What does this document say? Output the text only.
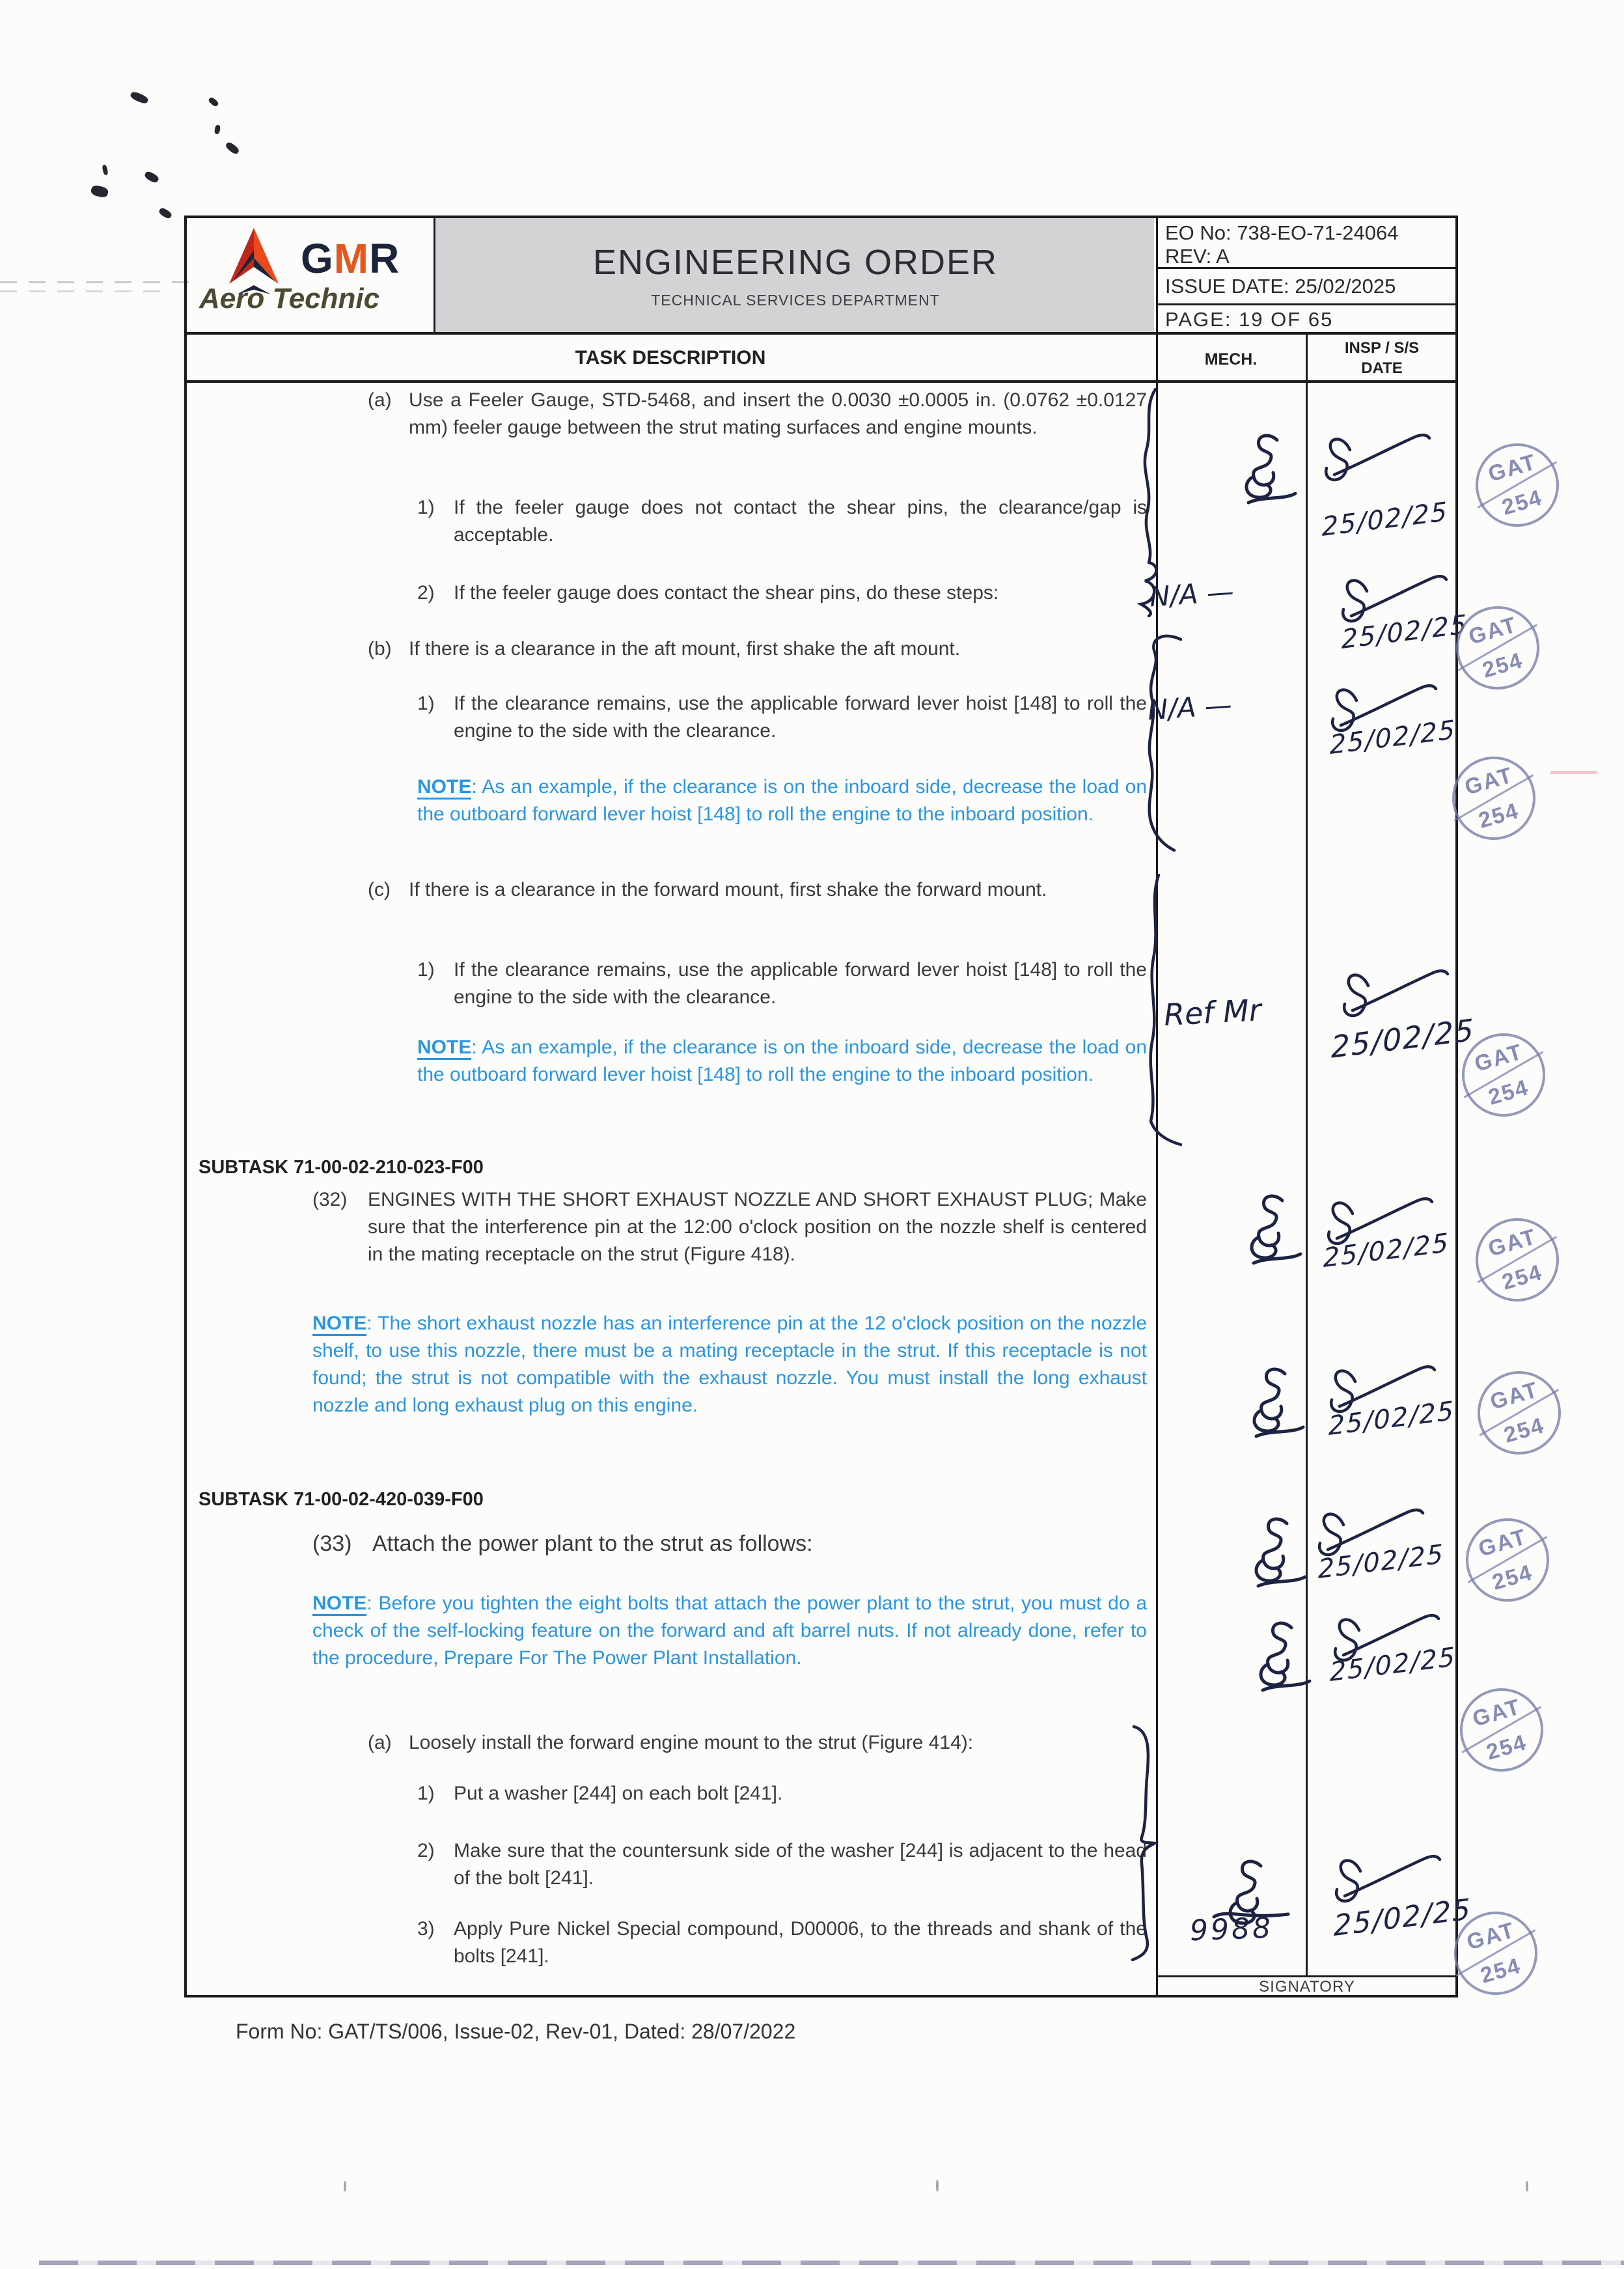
GMR
Aero Technic
ENGINEERING ORDER
TECHNICAL SERVICES DEPARTMENT
EO No: 738-EO-71-24064
REV: A
ISSUE DATE: 25/02/2025
PAGE: 19 OF 65
TASK DESCRIPTION	MECH.
INSP / S/S
DATE
(a) Use a Feeler Gauge, STD-5468, and insert the 0.0030 ±0.0005 in. (0.0762 ±0.0127 mm) feeler gauge between the strut mating surfaces and engine mounts.
1) If the feeler gauge does not contact the shear pins, the clearance/gap is acceptable.
2) If the feeler gauge does contact the shear pins, do these steps:
(b) If there is a clearance in the aft mount, first shake the aft mount.
1) If the clearance remains, use the applicable forward lever hoist [148] to roll the engine to the side with the clearance.
NOTE: As an example, if the clearance is on the inboard side, decrease the load on the outboard forward lever hoist [148] to roll the engine to the inboard position.
(c) If there is a clearance in the forward mount, first shake the forward mount.
1) If the clearance remains, use the applicable forward lever hoist [148] to roll the engine to the side with the clearance.
NOTE: As an example, if the clearance is on the inboard side, decrease the load on the outboard forward lever hoist [148] to roll the engine to the inboard position.
SUBTASK 71-00-02-210-023-F00
(32)	ENGINES WITH THE SHORT EXHAUST NOZZLE AND SHORT EXHAUST PLUG; Make sure that the interference pin at the 12:00 o'clock position on the nozzle shelf is centered in the mating receptacle on the strut (Figure 418).
NOTE: The short exhaust nozzle has an interference pin at the 12 o'clock position on the nozzle shelf, to use this nozzle, there must be a mating receptacle in the strut. If this receptacle is not found; the strut is not compatible with the exhaust nozzle. You must install the long exhaust nozzle and long exhaust plug on this engine.
SUBTASK 71-00-02-420-039-F00
(33) Attach the power plant to the strut as follows:
NOTE: Before you tighten the eight bolts that attach the power plant to the strut, you must do a check of the self-locking feature on the forward and aft barrel nuts. If not already done, refer to the procedure, Prepare For The Power Plant Installation.
(a) Loosely install the forward engine mount to the strut (Figure 414):
1) Put a washer [244] on each bolt [241].
2) Make sure that the countersunk side of the washer [244] is adjacent to the head of the bolt [241].
3) Apply Pure Nickel Special compound, D00006, to the threads and shank of the bolts [241].
SIGNATORY
N/A —
N/A —
Ref Mr
9988
25/02/25
25/02/25
25/02/25
25/02/25
25/02/25
25/02/25
25/02/25
25/02/25
25/02/25
GAT
254
GAT
254
GAT
254
GAT
254
GAT
254
GAT
254
GAT
254
GAT
254
GAT
254
Form No: GAT/TS/006, Issue-02, Rev-01, Dated: 28/07/2022
